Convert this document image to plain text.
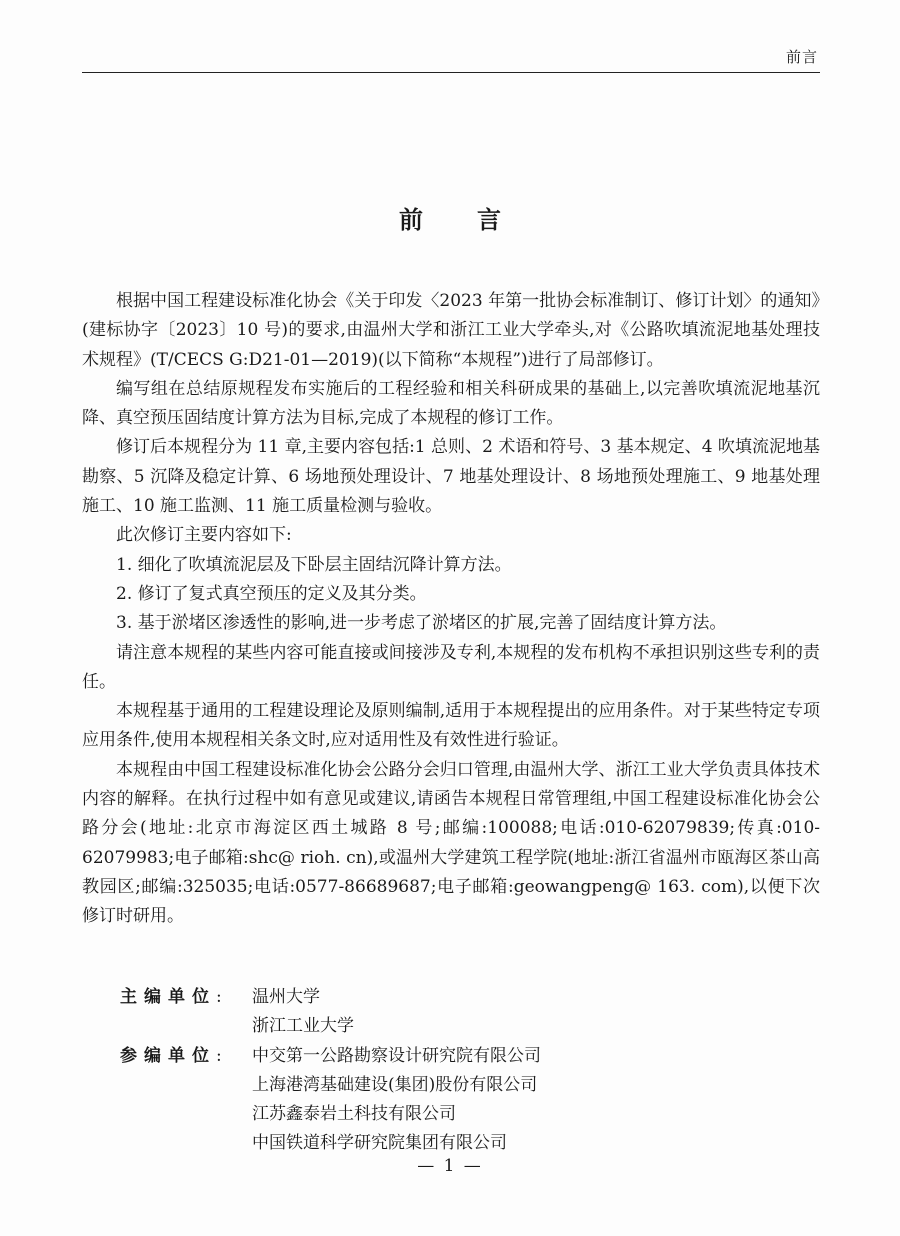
前言
前言

根据中国工程建设标准化协会《关于印发〈2023 年第一批协会标准制订、修订计划〉的通知》(建标协字〔2023〕10 号)的要求,由温州大学和浙江工业大学牵头,对《公路吹填流泥地基处理技术规程》(T/CECS G:D21-01—2019)(以下简称“本规程”)进行了局部修订。

编写组在总结原规程发布实施后的工程经验和相关科研成果的基础上,以完善吹填流泥地基沉降、真空预压固结度计算方法为目标,完成了本规程的修订工作。

修订后本规程分为 11 章,主要内容包括:1 总则、2 术语和符号、3 基本规定、4 吹填流泥地基勘察、5 沉降及稳定计算、6 场地预处理设计、7 地基处理设计、8 场地预处理施工、9 地基处理施工、10 施工监测、11 施工质量检测与验收。

此次修订主要内容如下:

1. 细化了吹填流泥层及下卧层主固结沉降计算方法。

2. 修订了复式真空预压的定义及其分类。

3. 基于淤堵区渗透性的影响,进一步考虑了淤堵区的扩展,完善了固结度计算方法。

请注意本规程的某些内容可能直接或间接涉及专利,本规程的发布机构不承担识别这些专利的责任。

本规程基于通用的工程建设理论及原则编制,适用于本规程提出的应用条件。对于某些特定专项应用条件,使用本规程相关条文时,应对适用性及有效性进行验证。

本规程由中国工程建设标准化协会公路分会归口管理,由温州大学、浙江工业大学负责具体技术内容的解释。在执行过程中如有意见或建议,请函告本规程日常管理组,中国工程建设标准化协会公路分会(地址:北京市海淀区西土城路 8 号;邮编:100088;电话:010-62079839;传真:010-62079983;电子邮箱:shc@ rioh. cn),或温州大学建筑工程学院(地址:浙江省温州市瓯海区茶山高教园区;邮编:325035;电话:0577-86689687;电子邮箱:geowangpeng@ 163. com),以便下次修订时研用。

主编单位:	温州大学
浙江工业大学
参编单位:	中交第一公路勘察设计研究院有限公司
上海港湾基础建设(集团)股份有限公司
江苏鑫泰岩土科技有限公司
中国铁道科学研究院集团有限公司
— 1 —
